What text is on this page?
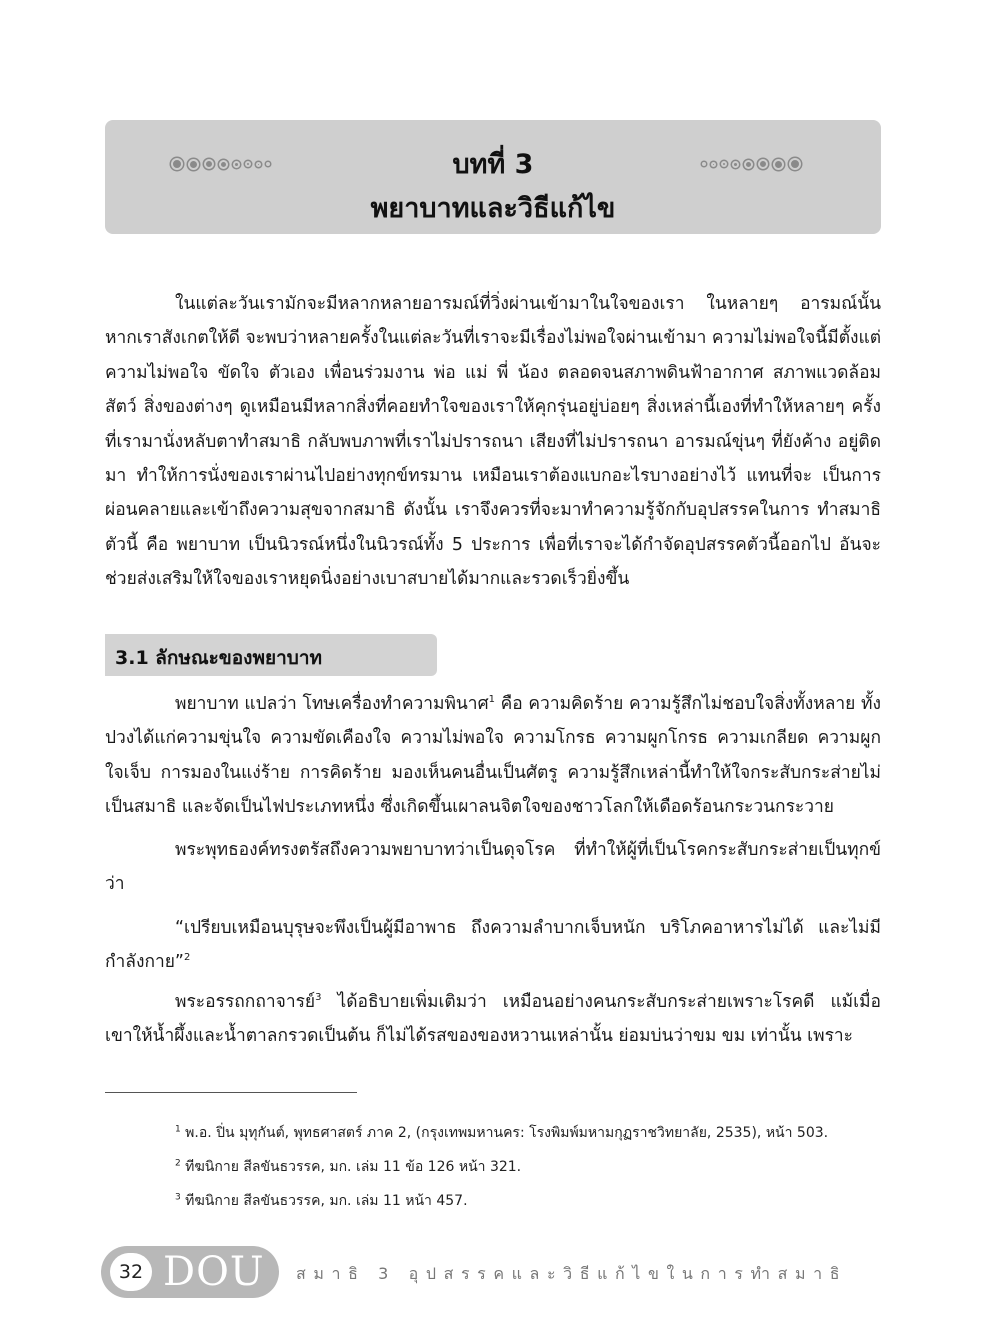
บทที่ 3
พยาบาทและวิธีแก้ไข

ในแต่ละวันเรามักจะมีหลากหลายอารมณ์ที่วิ่งผ่านเข้ามาในใจของเรา ในหลายๆ อารมณ์นั้น หากเราสังเกตให้ดี จะพบว่าหลายครั้งในแต่ละวันที่เราจะมีเรื่องไม่พอใจผ่านเข้ามา ความไม่พอใจนี้มีตั้งแต่ ความไม่พอใจ ขัดใจ ตัวเอง เพื่อนร่วมงาน พ่อ แม่ พี่ น้อง ตลอดจนสภาพดินฟ้าอากาศ สภาพแวดล้อม สัตว์ สิ่งของต่างๆ ดูเหมือนมีหลากสิ่งที่คอยทำใจของเราให้คุกรุ่นอยู่บ่อยๆ สิ่งเหล่านี้เองที่ทำให้หลายๆ ครั้ง ที่เรามานั่งหลับตาทำสมาธิ กลับพบภาพที่เราไม่ปรารถนา เสียงที่ไม่ปรารถนา อารมณ์ขุ่นๆ ที่ยังค้าง อยู่ติดมา ทำให้การนั่งของเราผ่านไปอย่างทุกข์ทรมาน เหมือนเราต้องแบกอะไรบางอย่างไว้ แทนที่จะ เป็นการผ่อนคลายและเข้าถึงความสุขจากสมาธิ ดังนั้น เราจึงควรที่จะมาทำความรู้จักกับอุปสรรคในการ ทำสมาธิตัวนี้ คือ พยาบาท เป็นนิวรณ์หนึ่งในนิวรณ์ทั้ง 5 ประการ เพื่อที่เราจะได้กำจัดอุปสรรคตัวนี้ออกไป อันจะช่วยส่งเสริมให้ใจของเราหยุดนิ่งอย่างเบาสบายได้มากและรวดเร็วยิ่งขึ้น

3.1 ลักษณะของพยาบาท

พยาบาท แปลว่า โทษเครื่องทำความพินาศ$^1$ คือ ความคิดร้าย ความรู้สึกไม่ชอบใจสิ่งทั้งหลาย ทั้งปวงได้แก่ความขุ่นใจ ความขัดเคืองใจ ความไม่พอใจ ความโกรธ ความผูกโกรธ ความเกลียด ความผูก ใจเจ็บ การมองในแง่ร้าย การคิดร้าย มองเห็นคนอื่นเป็นศัตรู ความรู้สึกเหล่านี้ทำให้ใจกระสับกระส่ายไม่ เป็นสมาธิ และจัดเป็นไฟประเภทหนึ่ง ซึ่งเกิดขึ้นเผาลนจิตใจของชาวโลกให้เดือดร้อนกระวนกระวาย

พระพุทธองค์ทรงตรัสถึงความพยาบาทว่าเป็นดุจโรค ที่ทำให้ผู้ที่เป็นโรคกระสับกระส่ายเป็นทุกข์ ว่า

“เปรียบเหมือนบุรุษจะพึงเป็นผู้มีอาพาธ ถึงความลำบากเจ็บหนัก บริโภคอาหารไม่ได้ และไม่มี กำลังกาย”$^2$

พระอรรถกถาจารย์$^3$ ได้อธิบายเพิ่มเติมว่า เหมือนอย่างคนกระสับกระส่ายเพราะโรคดี แม้เมื่อ เขาให้น้ำผึ้งและน้ำตาลกรวดเป็นต้น ก็ไม่ได้รสของของหวานเหล่านั้น ย่อมบ่นว่าขม ขม เท่านั้น เพราะ

$^1$ พ.อ. ปิ่น มุทุกันต์, พุทธศาสตร์ ภาค 2, (กรุงเทพมหานคร: โรงพิมพ์มหามกุฏราชวิทยาลัย, 2535), หน้า 503.
$^2$ ทีฆนิกาย สีลขันธวรรค, มก. เล่ม 11 ข้อ 126 หน้า 321.
$^3$ ทีฆนิกาย สีลขันธวรรค, มก. เล่ม 11 หน้า 457.
32 DOU สมาธิ 3 อุปสรรคและวิธีแก้ไขในการทำสมาธิ
